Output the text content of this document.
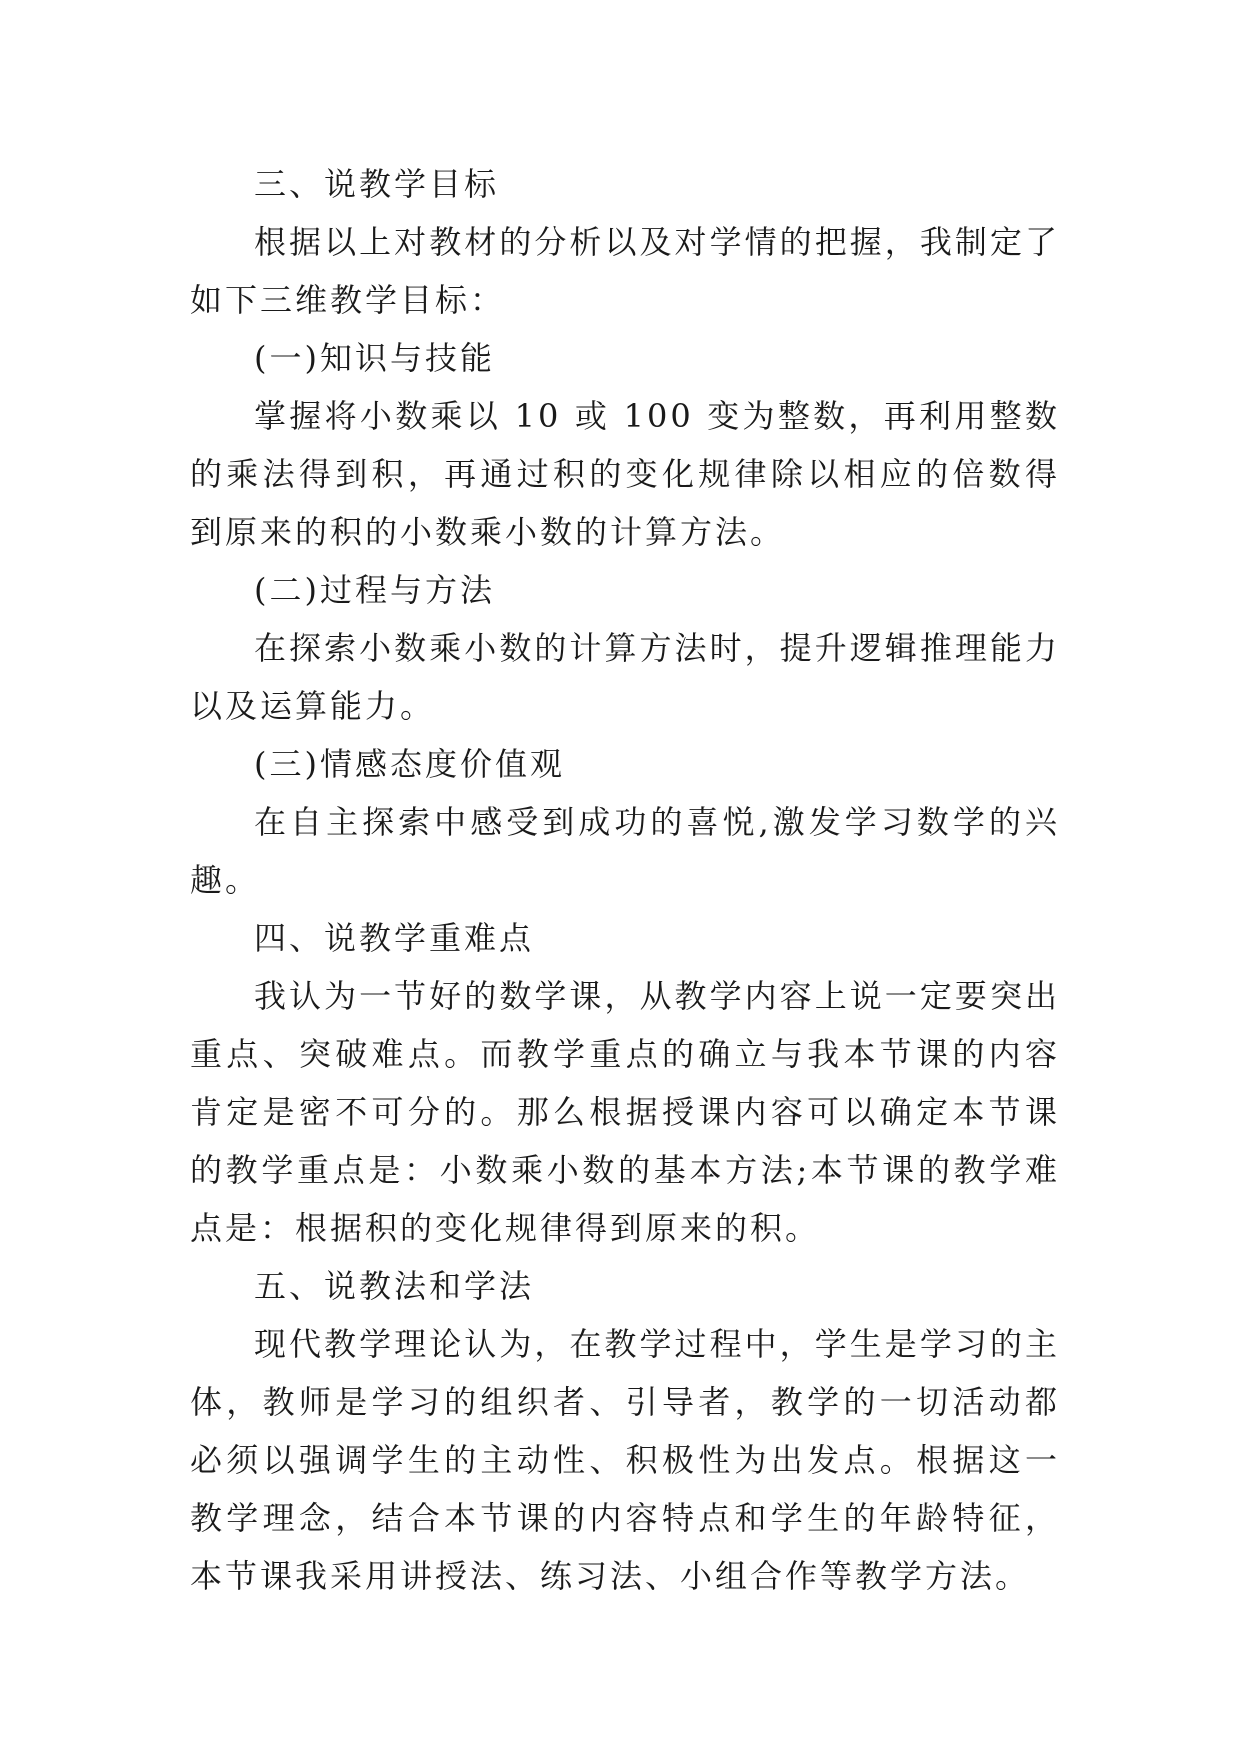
三、说教学目标

根据以上对教材的分析以及对学情的把握，我制定了如下三维教学目标：

(一)知识与技能

掌握将小数乘以 10 或 100 变为整数，再利用整数的乘法得到积，再通过积的变化规律除以相应的倍数得到原来的积的小数乘小数的计算方法。

(二)过程与方法

在探索小数乘小数的计算方法时，提升逻辑推理能力以及运算能力。

(三)情感态度价值观

在自主探索中感受到成功的喜悦,激发学习数学的兴趣。

四、说教学重难点

我认为一节好的数学课，从教学内容上说一定要突出重点、突破难点。而教学重点的确立与我本节课的内容肯定是密不可分的。那么根据授课内容可以确定本节课的教学重点是：小数乘小数的基本方法;本节课的教学难点是：根据积的变化规律得到原来的积。

五、说教法和学法

现代教学理论认为，在教学过程中，学生是学习的主体，教师是学习的组织者、引导者，教学的一切活动都必须以强调学生的主动性、积极性为出发点。根据这一教学理念，结合本节课的内容特点和学生的年龄特征，本节课我采用讲授法、练习法、小组合作等教学方法。
